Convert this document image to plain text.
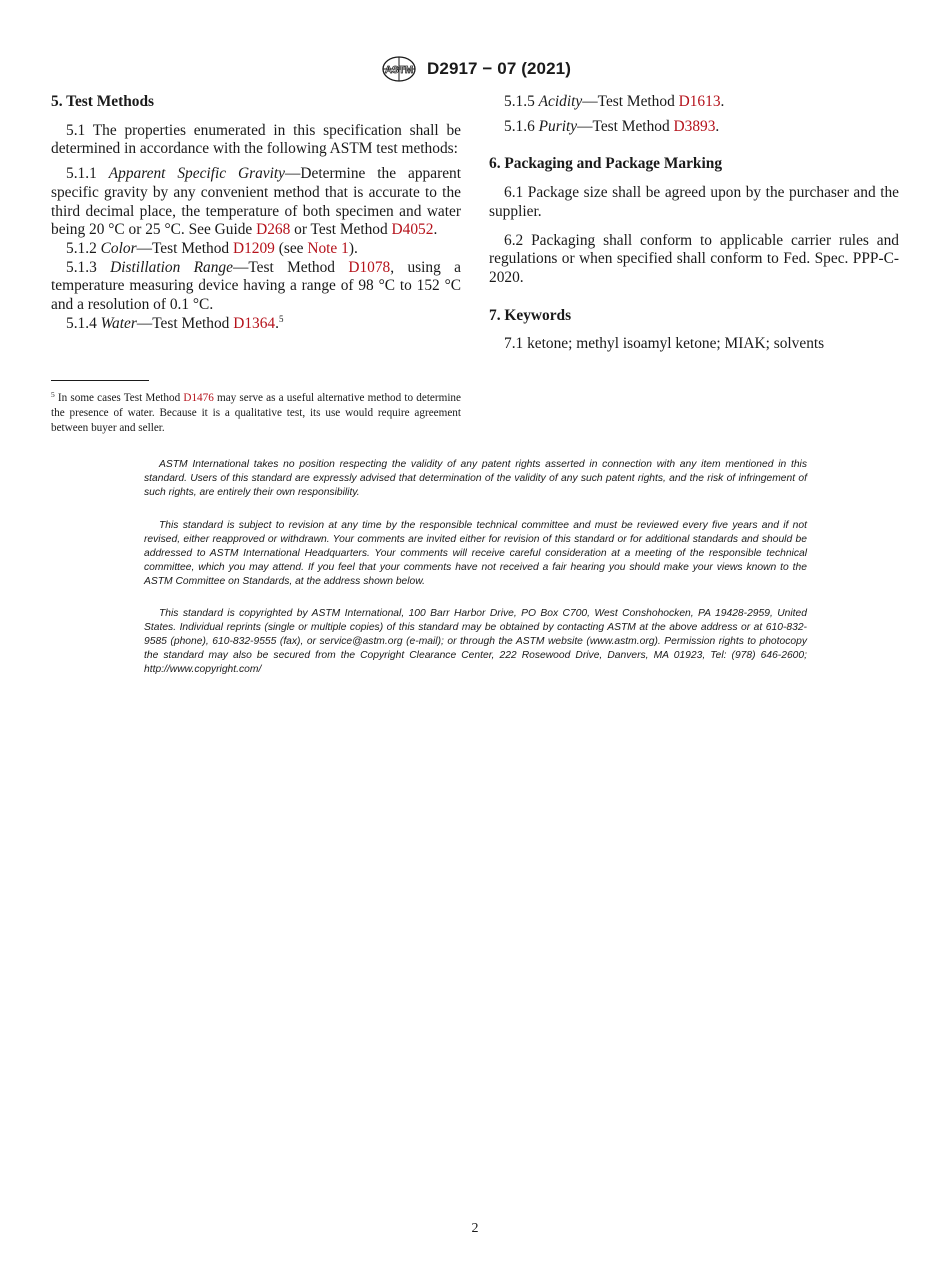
ASTM D2917 − 07 (2021)
5. Test Methods

5.1 The properties enumerated in this specification shall be determined in accordance with the following ASTM test methods:

5.1.1 Apparent Specific Gravity—Determine the apparent specific gravity by any convenient method that is accurate to the third decimal place, the temperature of both specimen and water being 20 °C or 25 °C. See Guide D268 or Test Method D4052.

5.1.2 Color—Test Method D1209 (see Note 1).

5.1.3 Distillation Range—Test Method D1078, using a temperature measuring device having a range of 98 °C to 152 °C and a resolution of 0.1 °C.

5.1.4 Water—Test Method D1364.$^5$

5.1.5 Acidity—Test Method D1613.

5.1.6 Purity—Test Method D3893.

6. Packaging and Package Marking

6.1 Package size shall be agreed upon by the purchaser and the supplier.

6.2 Packaging shall conform to applicable carrier rules and regulations or when specified shall conform to Fed. Spec. PPP-C-2020.

7. Keywords

7.1 ketone; methyl isoamyl ketone; MIAK; solvents

$^5$ In some cases Test Method D1476 may serve as a useful alternative method to determine the presence of water. Because it is a qualitative test, its use would require agreement between buyer and seller.

ASTM International takes no position respecting the validity of any patent rights asserted in connection with any item mentioned in this standard. Users of this standard are expressly advised that determination of the validity of any such patent rights, and the risk of infringement of such rights, are entirely their own responsibility.

This standard is subject to revision at any time by the responsible technical committee and must be reviewed every five years and if not revised, either reapproved or withdrawn. Your comments are invited either for revision of this standard or for additional standards and should be addressed to ASTM International Headquarters. Your comments will receive careful consideration at a meeting of the responsible technical committee, which you may attend. If you feel that your comments have not received a fair hearing you should make your views known to the ASTM Committee on Standards, at the address shown below.

This standard is copyrighted by ASTM International, 100 Barr Harbor Drive, PO Box C700, West Conshohocken, PA 19428-2959, United States. Individual reprints (single or multiple copies) of this standard may be obtained by contacting ASTM at the above address or at 610-832-9585 (phone), 610-832-9555 (fax), or service@astm.org (e-mail); or through the ASTM website (www.astm.org). Permission rights to photocopy the standard may also be secured from the Copyright Clearance Center, 222 Rosewood Drive, Danvers, MA 01923, Tel: (978) 646-2600; http://www.copyright.com/

2
